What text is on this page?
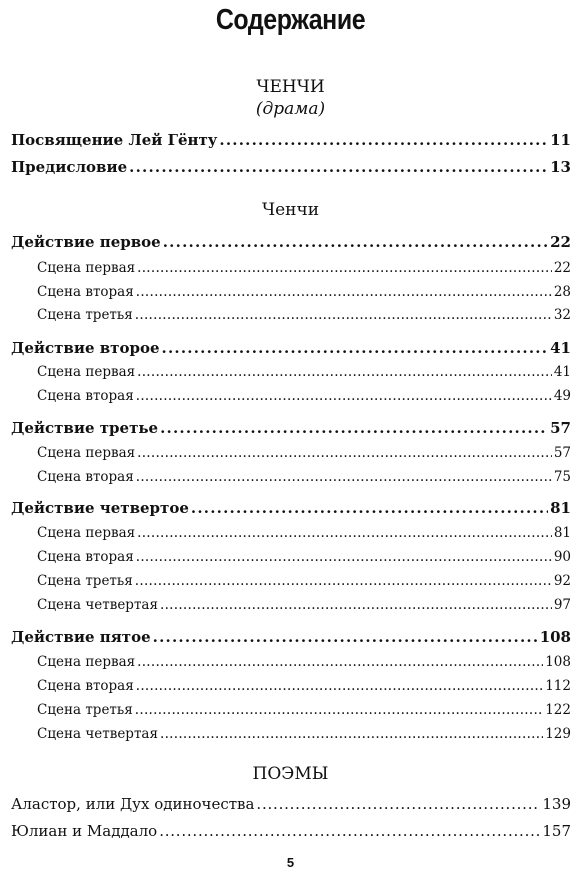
Содержание
ЧЕНЧИ
(драма)
Посвящение Лей Гёнту . . .	11
Предисловие . . .	13
Ченчи
Действие первое . . .	22
Сцена первая . . .	22
Сцена вторая . . .	28
Сцена третья . . .	32
Действие второе . . .	41
Сцена первая . . .	41
Сцена вторая . . .	49
Действие третье . . .	57
Сцена первая . . .	57
Сцена вторая . . .	75
Действие четвертое . . .	81
Сцена первая . . .	81
Сцена вторая . . .	90
Сцена третья . . .	92
Сцена четвертая . . .	97
Действие пятое . . .	108
Сцена первая . . .	108
Сцена вторая . . .	112
Сцена третья . . .	122
Сцена четвертая . . .	129
ПОЭМЫ
Аластор, или Дух одиночества . . .	139
Юлиан и Маддало . . .	157
5
